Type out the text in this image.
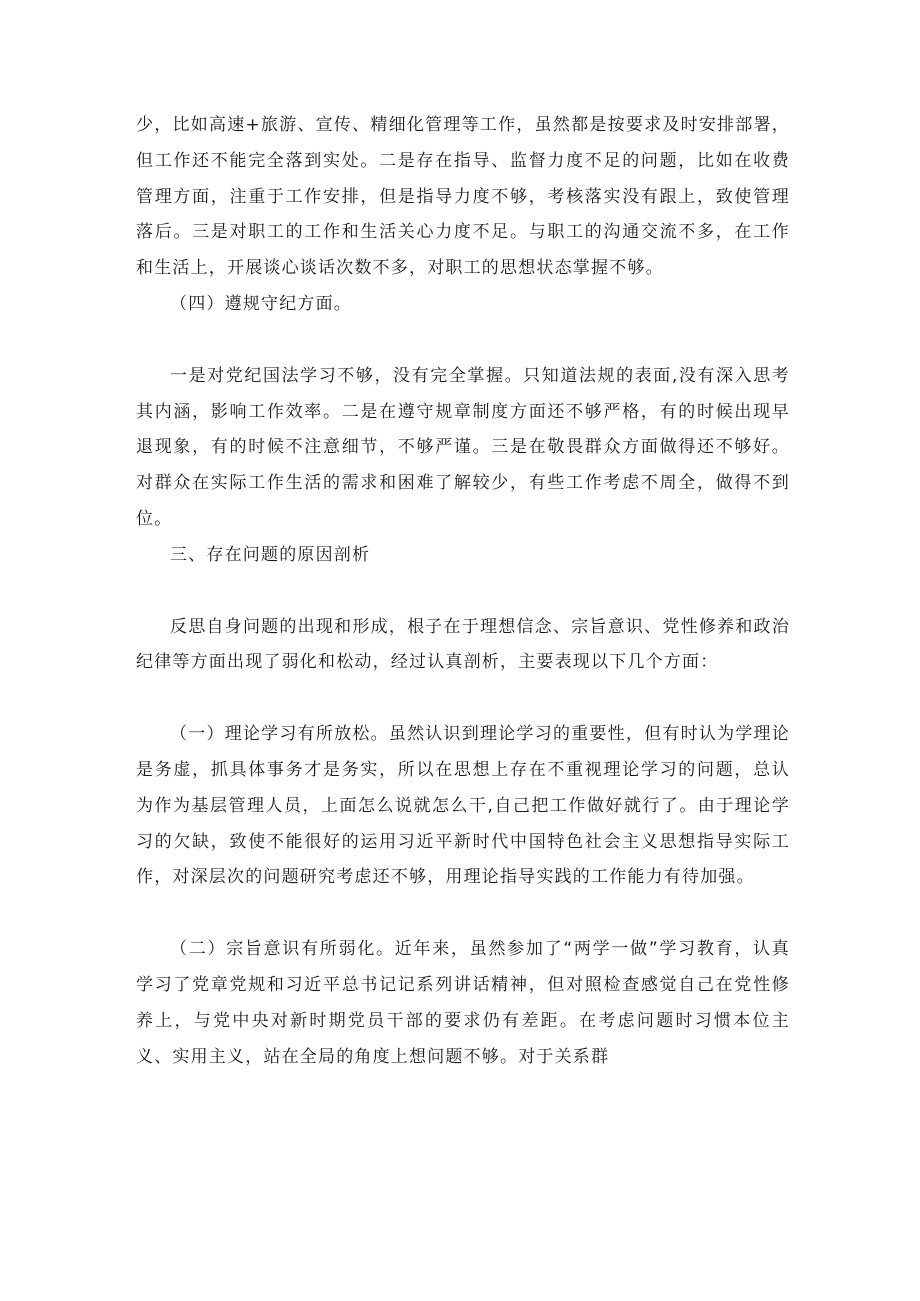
少，比如高速+旅游、宣传、精细化管理等工作，虽然都是按要求及时安排部署，但工作还不能完全落到实处。二是存在指导、监督力度不足的问题，比如在收费管理方面，注重于工作安排，但是指导力度不够，考核落实没有跟上，致使管理落后。三是对职工的工作和生活关心力度不足。与职工的沟通交流不多，在工作和生活上，开展谈心谈话次数不多，对职工的思想状态掌握不够。

（四）遵规守纪方面。

一是对党纪国法学习不够，没有完全掌握。只知道法规的表面,没有深入思考其内涵，影响工作效率。二是在遵守规章制度方面还不够严格，有的时候出现早退现象，有的时候不注意细节，不够严谨。三是在敬畏群众方面做得还不够好。对群众在实际工作生活的需求和困难了解较少，有些工作考虑不周全，做得不到位。

三、存在问题的原因剖析

反思自身问题的出现和形成，根子在于理想信念、宗旨意识、党性修养和政治纪律等方面出现了弱化和松动，经过认真剖析，主要表现以下几个方面：

（一）理论学习有所放松。虽然认识到理论学习的重要性，但有时认为学理论是务虚，抓具体事务才是务实，所以在思想上存在不重视理论学习的问题，总认为作为基层管理人员，上面怎么说就怎么干,自己把工作做好就行了。由于理论学习的欠缺，致使不能很好的运用习近平新时代中国特色社会主义思想指导实际工作，对深层次的问题研究考虑还不够，用理论指导实践的工作能力有待加强。

（二）宗旨意识有所弱化。近年来，虽然参加了“两学一做”学习教育，认真学习了党章党规和习近平总书记记系列讲话精神，但对照检查感觉自己在党性修养上，与党中央对新时期党员干部的要求仍有差距。在考虑问题时习惯本位主义、实用主义，站在全局的角度上想问题不够。对于关系群
